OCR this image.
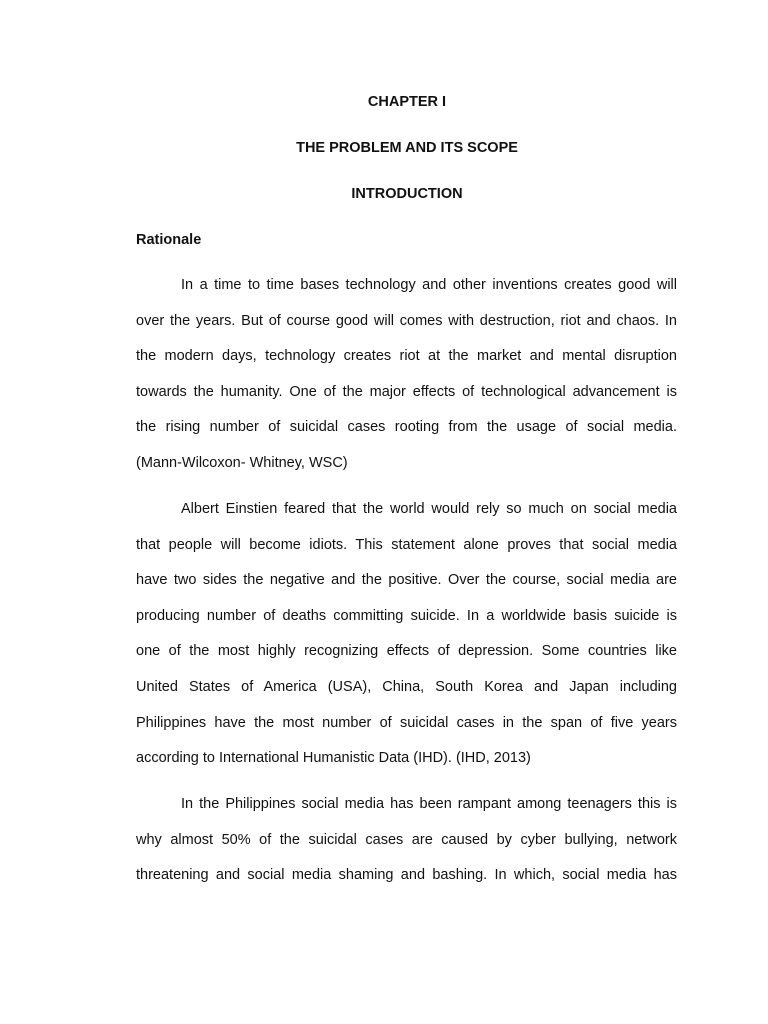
CHAPTER I

THE PROBLEM AND ITS SCOPE

INTRODUCTION

Rationale

In a time to time bases technology and other inventions creates good will
over the years. But of course good will comes with destruction, riot and chaos. In
the modern days, technology creates riot at the market and mental disruption
towards the humanity. One of the major effects of technological advancement is
the rising number of suicidal cases rooting from the usage of social media.
(Mann-Wilcoxon- Whitney, WSC)
Albert Einstien feared that the world would rely so much on social media
that people will become idiots. This statement alone proves that social media
have two sides the negative and the positive. Over the course, social media are
producing number of deaths committing suicide. In a worldwide basis suicide is
one of the most highly recognizing effects of depression. Some countries like
United States of America (USA), China, South Korea and Japan including
Philippines have the most number of suicidal cases in the span of five years
according to International Humanistic Data (IHD). (IHD, 2013)
In the Philippines social media has been rampant among teenagers this is
why almost 50% of the suicidal cases are caused by cyber bullying, network
threatening and social media shaming and bashing. In which, social media has
